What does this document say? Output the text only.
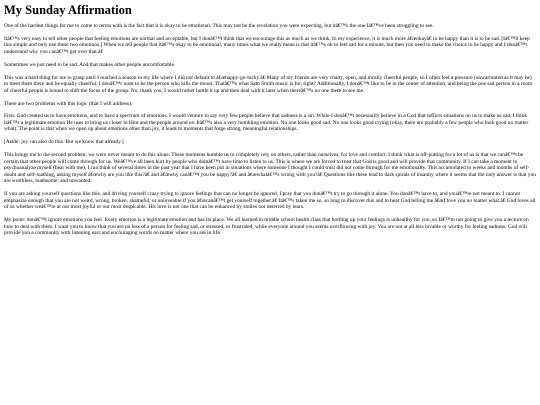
My Sunday Affirmation

One of the hardest things for me to come to terms with is the fact that it is okay to be emotional. This may not be the revelation you were expecting, but itâ€™s the one Iâ€™ve been struggling to see.

Itâ€™s very easy to tell other people that feeling emotions are normal and acceptable, but I donâ€™t think that we encourage this as much as we think. In my experience, it is much more â€œokayâ€ to be happy than it is to be sad. [Iâ€™ll keep this simple and only use these two emotions.] When we tell people that itâ€™s okay to be emotional, many times what we really mean is that itâ€™s ok to feel sad for a minute, but then you need to make the choice to be happy and I donâ€™t understand why you canâ€™t get over that.â€

Sometimes we just need to be sad. And that makes other people uncomfortable.

This was a hard thing for me to grasp until I reached a season in my life where I did not default to â€œhappy-go-lucky.â€ Many of my friends are very chatty, open, and mostly cheerful people, so I often feel a pressure (unwarranted as it may be) to meet them there and be equally cheerful. I donâ€™t want to be the person who kills the mood. Thatâ€™s what Sam Smith music is for, right? Additionally, I donâ€™t like to be in the center of attention, and being the one sad person in a room of cheerful people is bound to shift the focus of the group. No, thank you, I would rather bottle it up and then deal with it later when thereâ€™s no one there to see me.

There are two problems with this logic (that I will address).

First, God created us to have emotions, and to have a spectrum of emotions. I would venture to say very few people believe that sadness is a sin. While I donâ€™t necessarily believe in a God that inflicts situations on us to make us sad, I think itâ€™s a legitimate emotion He uses to bring us closer to Him and the people around us. Itâ€™s also a very humbling emotion. No one looks good sad. No one looks good crying (okay, there are probably a few people who look good no matter what). The point is that when we open up about emotions other than joy, it leads to moments that forge strong, meaningful relationships.

[Aside: joy can also do this. But we know that already.]

This brings me to the second problem: we were never meant to do this alone. These moments humble us to completely rely on others, rather than ourselves, for love and comfort. I think what is off-putting for a lot of us is that we canâ€™t be certain that other people will come through for us. Weâ€™ve all been hurt by people who didnâ€™t have time to listen to us. This is where we are forced to trust that God is good and will provide that community. If I can take a moment to psychoanalyze myself (bear with me), I can think of several times in the past year that I have been put in situations where someone I thought I could trust did not come through for me emotionally. This accumulated to weeks and months of self-doubt and self-loathing, asking myself â€œwhy are you like this?â€ and â€œwhy canâ€™t you be happy?â€ and â€œwhatâ€™s wrong with you?â€ Questions like these lead to dark spirals of insanity where it seems that the only answer is that you are worthless, loathsome, and unwanted.

If you are asking yourself questions like this, and driving yourself crazy trying to ignore feelings that can no longer be ignored, I pray that you donâ€™t try to go through it alone. You donâ€™t have to, and youâ€™re not meant to. I cannot emphasize enough that you are not weird, wrong, broken, shameful, or unloveable if you â€œcanâ€™t get yourself together.â€ Itâ€™s taken me so, so long to discover this and to hear God telling me â€œI love you no matter what.â€ God loves all of us whether weâ€™re at our most joyful or our most despicable. His love is not one that can be enhanced by smiles nor deterred by tears.

My point: donâ€™t ignore emotions you feel. Every emotion is a legitimate emotion and has its place. We all learned in middle school health class that bottling up your feelings is unhealthy for you, so Iâ€™m not going to give you a lecture on how to deal with them. I want you to know that you are no less of a person for feeling sad, or stressed, or frustrated, while everyone around you seems overflowing with joy. You are not at all less lovable or worthy for feeling sadness. God will provide you a community with listening ears and encouraging words no matter where you are in life.
